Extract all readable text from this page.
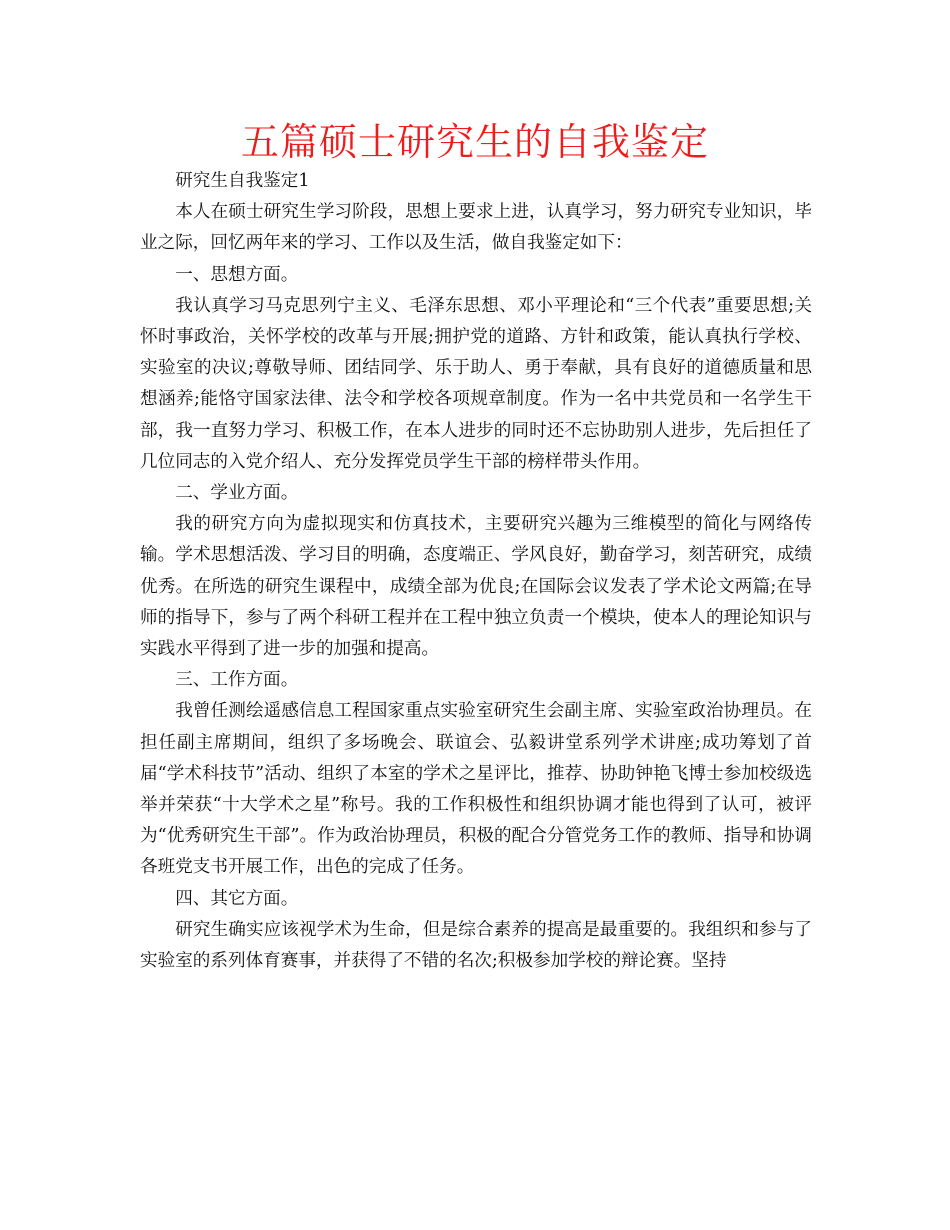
五篇硕士研究生的自我鉴定

研究生自我鉴定1

本人在硕士研究生学习阶段，思想上要求上进，认真学习，努力研究专业知识，毕业之际，回忆两年来的学习、工作以及生活，做自我鉴定如下：

一、思想方面。

我认真学习马克思列宁主义、毛泽东思想、邓小平理论和“三个代表”重要思想;关怀时事政治，关怀学校的改革与开展;拥护党的道路、方针和政策，能认真执行学校、实验室的决议;尊敬导师、团结同学、乐于助人、勇于奉献，具有良好的道德质量和思想涵养;能恪守国家法律、法令和学校各项规章制度。作为一名中共党员和一名学生干部，我一直努力学习、积极工作，在本人进步的同时还不忘协助别人进步，先后担任了几位同志的入党介绍人、充分发挥党员学生干部的榜样带头作用。

二、学业方面。

我的研究方向为虚拟现实和仿真技术，主要研究兴趣为三维模型的简化与网络传输。学术思想活泼、学习目的明确，态度端正、学风良好，勤奋学习，刻苦研究，成绩优秀。在所选的研究生课程中，成绩全部为优良;在国际会议发表了学术论文两篇;在导师的指导下，参与了两个科研工程并在工程中独立负责一个模块，使本人的理论知识与实践水平得到了进一步的加强和提高。

三、工作方面。

我曾任测绘遥感信息工程国家重点实验室研究生会副主席、实验室政治协理员。在担任副主席期间，组织了多场晚会、联谊会、弘毅讲堂系列学术讲座;成功筹划了首届“学术科技节”活动、组织了本室的学术之星评比，推荐、协助钟艳飞博士参加校级选举并荣获“十大学术之星”称号。我的工作积极性和组织协调才能也得到了认可，被评为“优秀研究生干部”。作为政治协理员，积极的配合分管党务工作的教师、指导和协调各班党支书开展工作，出色的完成了任务。

四、其它方面。

研究生确实应该视学术为生命，但是综合素养的提高是最重要的。我组织和参与了实验室的系列体育赛事，并获得了不错的名次;积极参加学校的辩论赛。坚持
